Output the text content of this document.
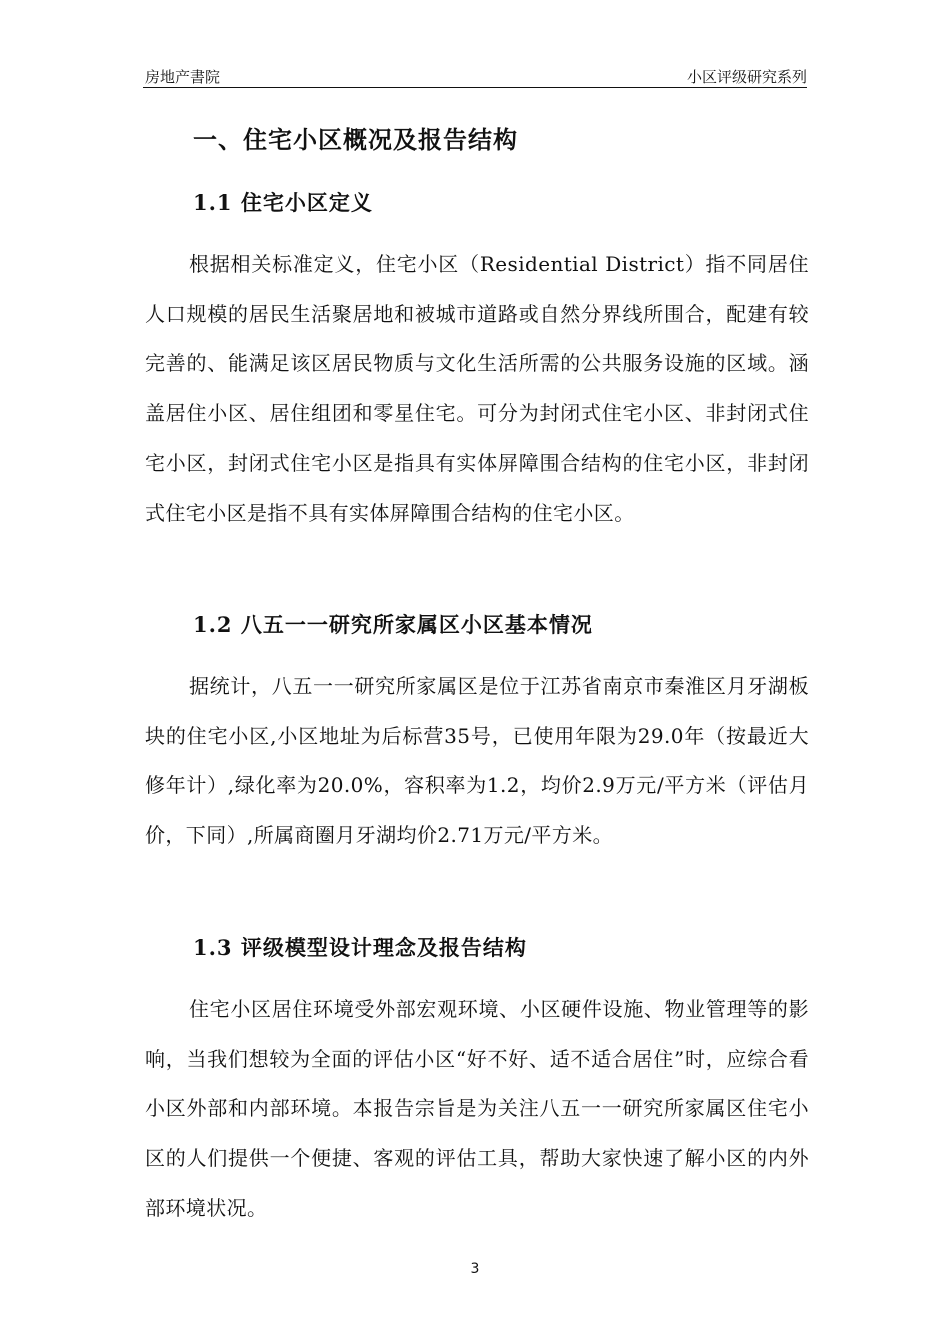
房地产書院	小区评级研究系列
一、住宅小区概况及报告结构
1.1 住宅小区定义
根据相关标准定义，住宅小区（Residential District）指不同居住人口规模的居民生活聚居地和被城市道路或自然分界线所围合，配建有较完善的、能满足该区居民物质与文化生活所需的公共服务设施的区域。涵盖居住小区、居住组团和零星住宅。可分为封闭式住宅小区、非封闭式住宅小区，封闭式住宅小区是指具有实体屏障围合结构的住宅小区，非封闭式住宅小区是指不具有实体屏障围合结构的住宅小区。
1.2 八五一一研究所家属区小区基本情况
据统计，八五一一研究所家属区是位于江苏省南京市秦淮区月牙湖板块的住宅小区,小区地址为后标营35号，已使用年限为29.0年（按最近大修年计）,绿化率为20.0%，容积率为1.2，均价2.9万元/平方米（评估月价，下同）,所属商圈月牙湖均价2.71万元/平方米。
1.3 评级模型设计理念及报告结构
住宅小区居住环境受外部宏观环境、小区硬件设施、物业管理等的影响，当我们想较为全面的评估小区“好不好、适不适合居住”时，应综合看小区外部和内部环境。本报告宗旨是为关注八五一一研究所家属区住宅小区的人们提供一个便捷、客观的评估工具，帮助大家快速了解小区的内外部环境状况。
3
